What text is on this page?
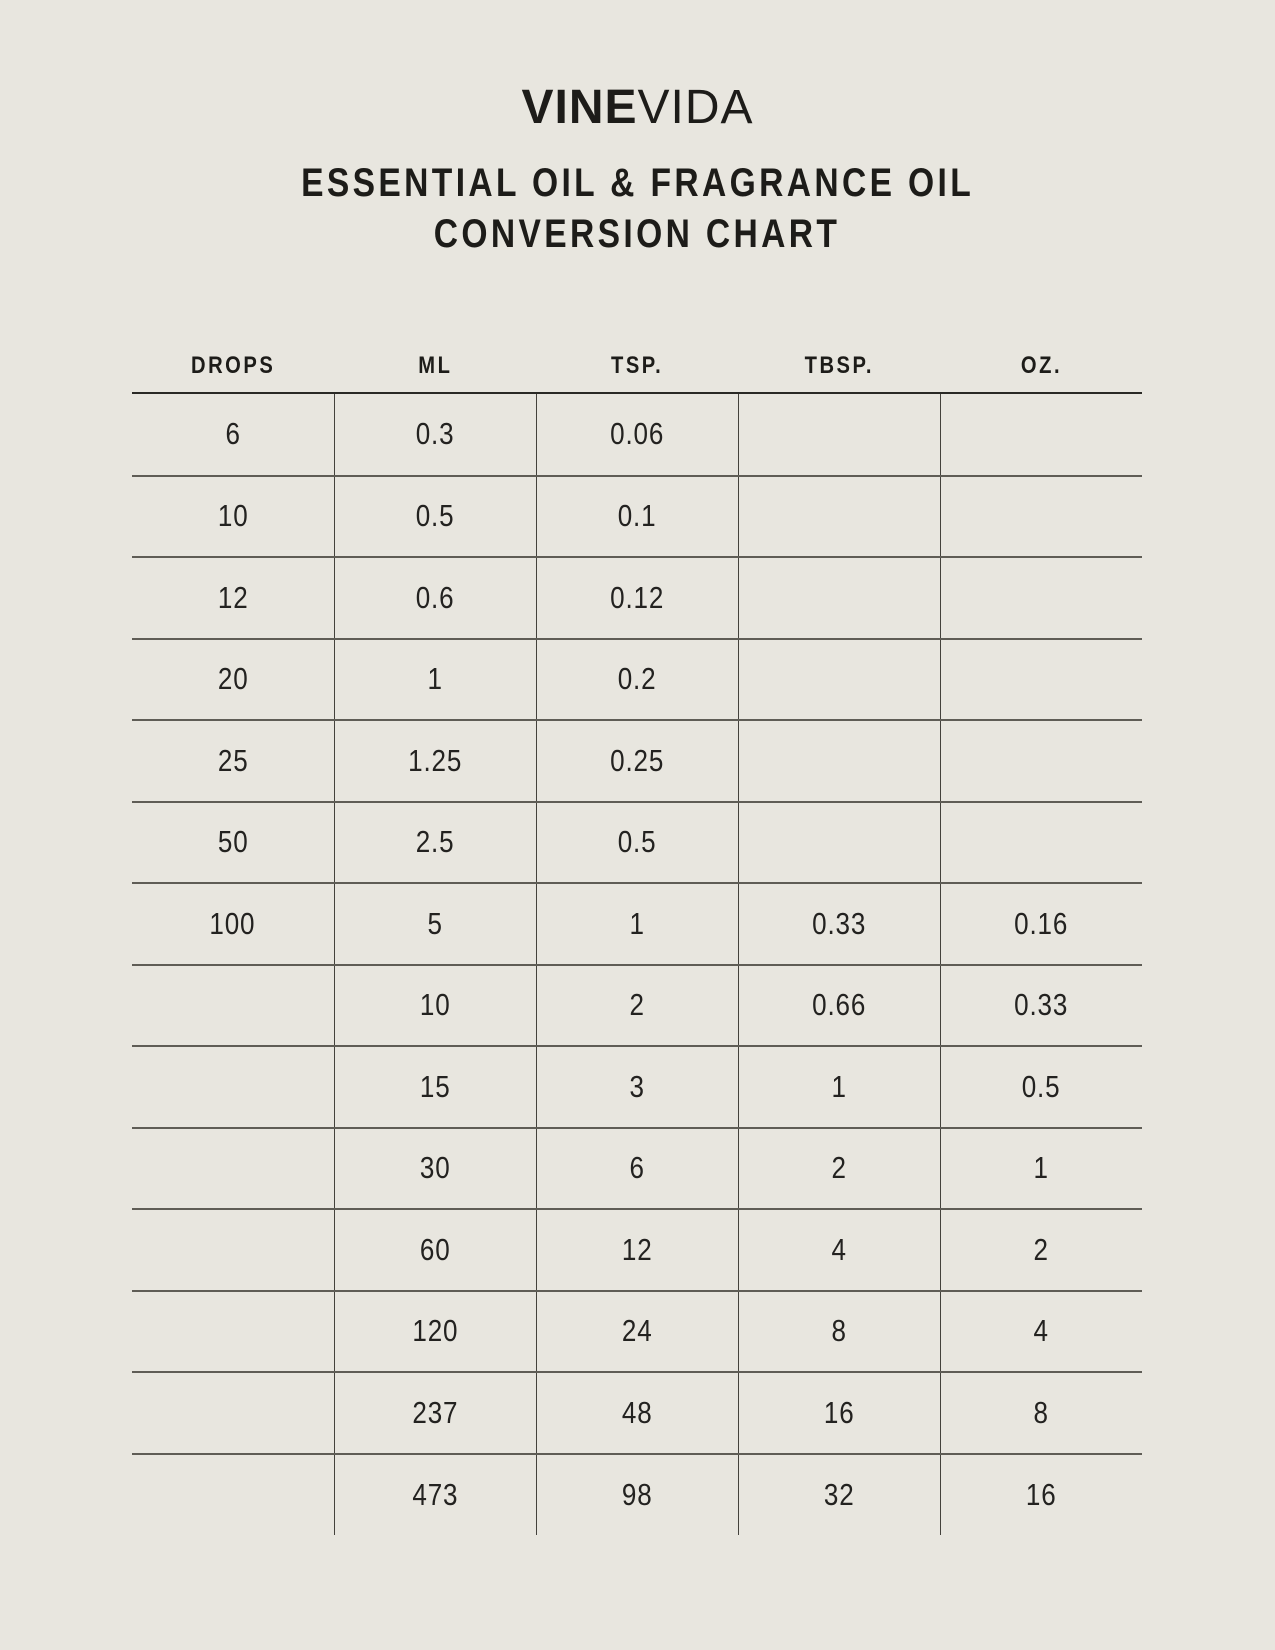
VINEVIDA
ESSENTIAL OIL & FRAGRANCE OIL
CONVERSION CHART
DROPS	ML	TSP.	TBSP.	OZ.
6	0.3	0.06		
10	0.5	0.1		
12	0.6	0.12		
20	1	0.2		
25	1.25	0.25		
50	2.5	0.5		
100	5	1	0.33	0.16
	10	2	0.66	0.33
	15	3	1	0.5
	30	6	2	1
	60	12	4	2
	120	24	8	4
	237	48	16	8
	473	98	32	16
